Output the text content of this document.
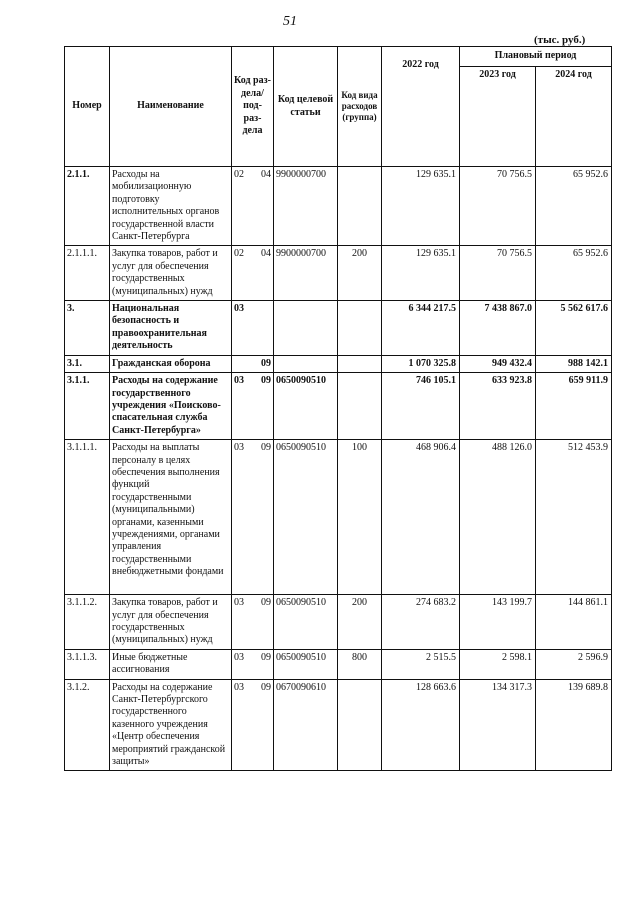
51
(тыс. руб.)
Номер	Наименование	Код раз- дела/ под- раз- дела	Код целевой статьи	Код вида расходов (группа)	2022 год	Плановый период	
						2023 год	2024 год
2.1.1.	Расходы на мобилизационную подготовку исполнительных органов государственной власти Санкт-Петербурга	02 04	9900000700		129 635.1	70 756.5	65 952.6
2.1.1.1.	Закупка товаров, работ и услуг для обеспечения государственных (муниципальных) нужд	02 04	9900000700	200	129 635.1	70 756.5	65 952.6
3.	Национальная безопасность и правоохранительная деятельность	03			6 344 217.5	7 438 867.0	5 562 617.6
3.1.	Гражданская оборона	09			1 070 325.8	949 432.4	988 142.1
3.1.1.	Расходы на содержание государственного учреждения «Поисково-спасательная служба Санкт-Петербурга»	03 09	0650090510		746 105.1	633 923.8	659 911.9
3.1.1.1.	Расходы на выплаты персоналу в целях обеспечения выполнения функций государственными (муниципальными) органами, казенными учреждениями, органами управления государственными внебюджетными фондами	03 09	0650090510	100	468 906.4	488 126.0	512 453.9
3.1.1.2.	Закупка товаров, работ и услуг для обеспечения государственных (муниципальных) нужд	03 09	0650090510	200	274 683.2	143 199.7	144 861.1
3.1.1.3.	Иные бюджетные ассигнования	03 09	0650090510	800	2 515.5	2 598.1	2 596.9
3.1.2.	Расходы на содержание Санкт-Петербургского государственного казенного учреждения «Центр обеспечения мероприятий гражданской защиты»	03 09	0670090610		128 663.6	134 317.3	139 689.8
